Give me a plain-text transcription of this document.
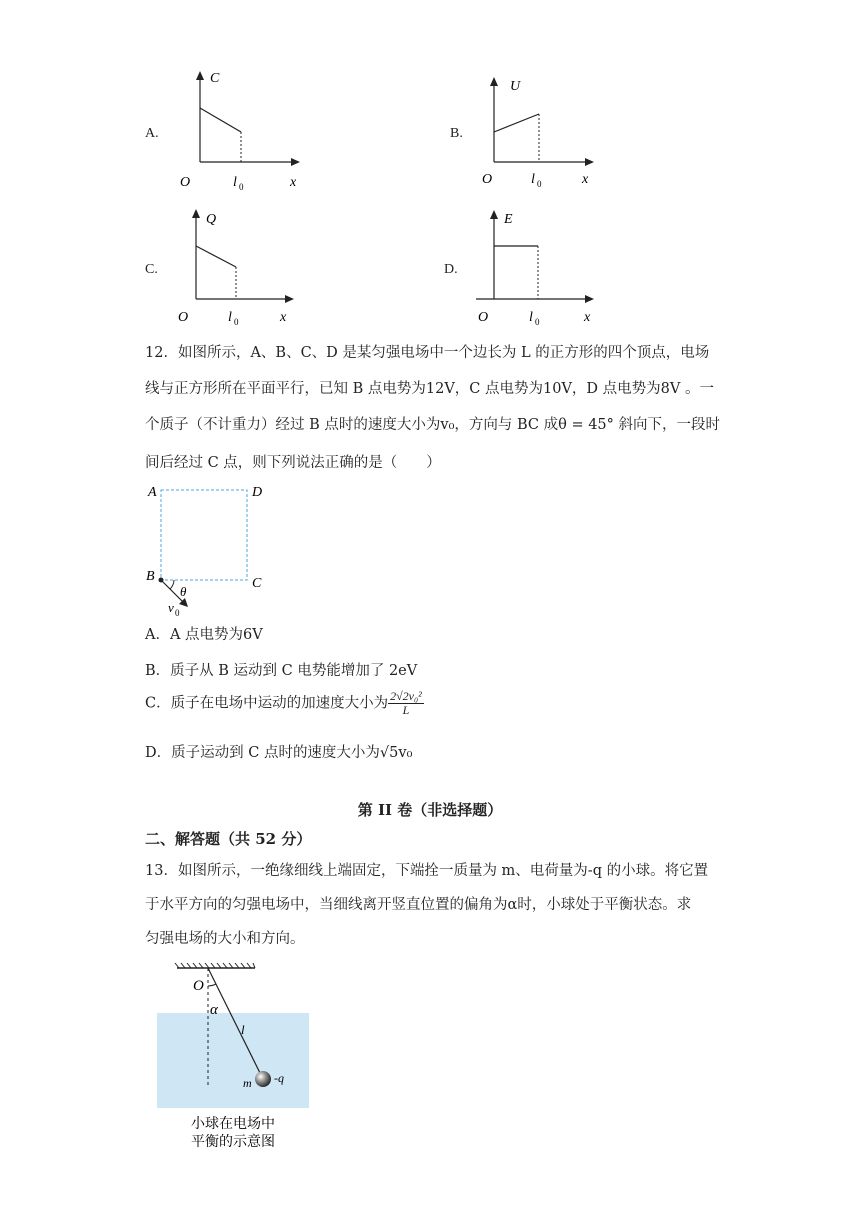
A.
C
O	l 0	x
B.
U
O	l 0	x
C.
Q
O	l 0	x
D.
E
O	l 0	x
12．如图所示，A、B、C、D 是某匀强电场中一个边长为 L 的正方形的四个顶点，电场
线与正方形所在平面平行，已知 B 点电势为12V，C 点电势为10V，D 点电势为8V 。一
个质子（不计重力）经过 B 点时的速度大小为v₀，方向与 BC 成θ = 45° 斜向下，一段时
间后经过 C 点，则下列说法正确的是（　　）
A	D
B	C
θ
v 0
A．A 点电势为6V
B．质子从 B 运动到 C 电势能增加了 2eV
C．质子在电场中运动的加速度大小为 $\frac{\text{2√2v₀²}}{L}$
D．质子运动到 C 点时的速度大小为√5v₀
第 II 卷（非选择题）
二、解答题（共 52 分）
13．如图所示，一绝缘细线上端固定，下端拴一质量为 m、电荷量为-q 的小球。将它置
于水平方向的匀强电场中，当细线离开竖直位置的偏角为α时，小球处于平衡状态。求
匀强电场的大小和方向。
O
α
l
m -q
小球在电场中
平衡的示意图
